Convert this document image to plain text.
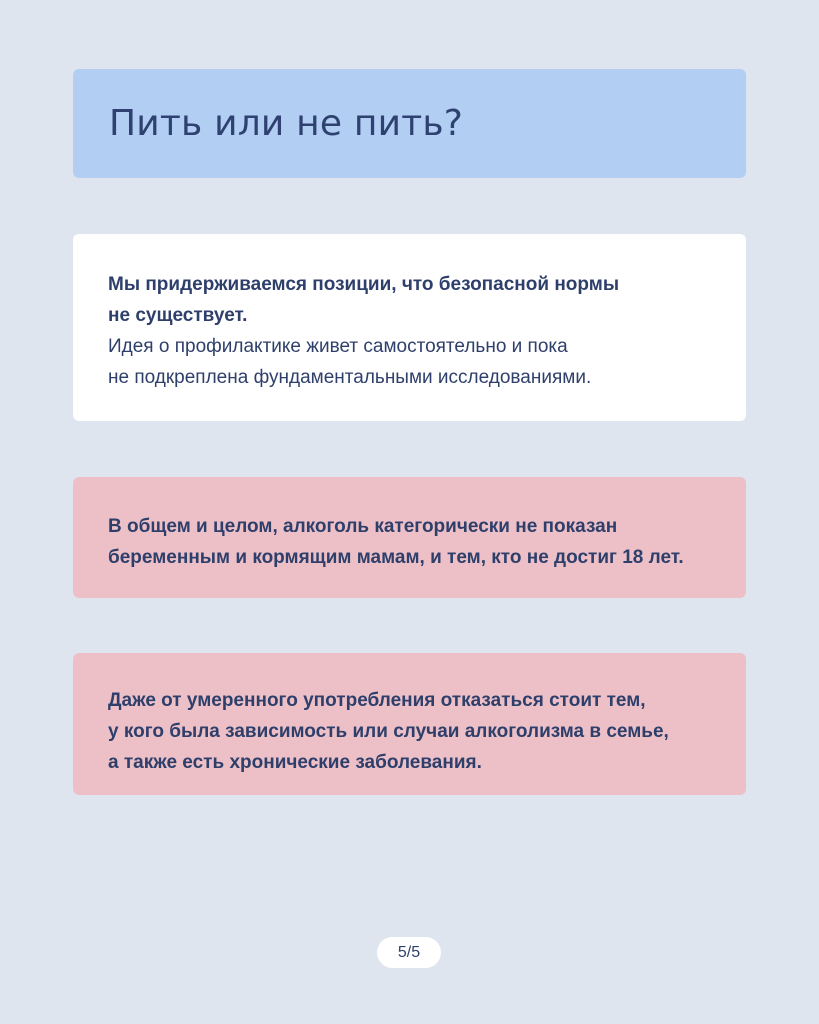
Пить или не пить?

Мы придерживаемся позиции, что безопасной нормы

не существует.

Идея о профилактике живет самостоятельно и пока

не подкреплена фундаментальными исследованиями.

В общем и целом, алкоголь категорически не показан

беременным и кормящим мамам, и тем, кто не достиг 18 лет.

Даже от умеренного употребления отказаться стоит тем,

у кого была зависимость или случаи алкоголизма в семье,

а также есть хронические заболевания.

5/5
